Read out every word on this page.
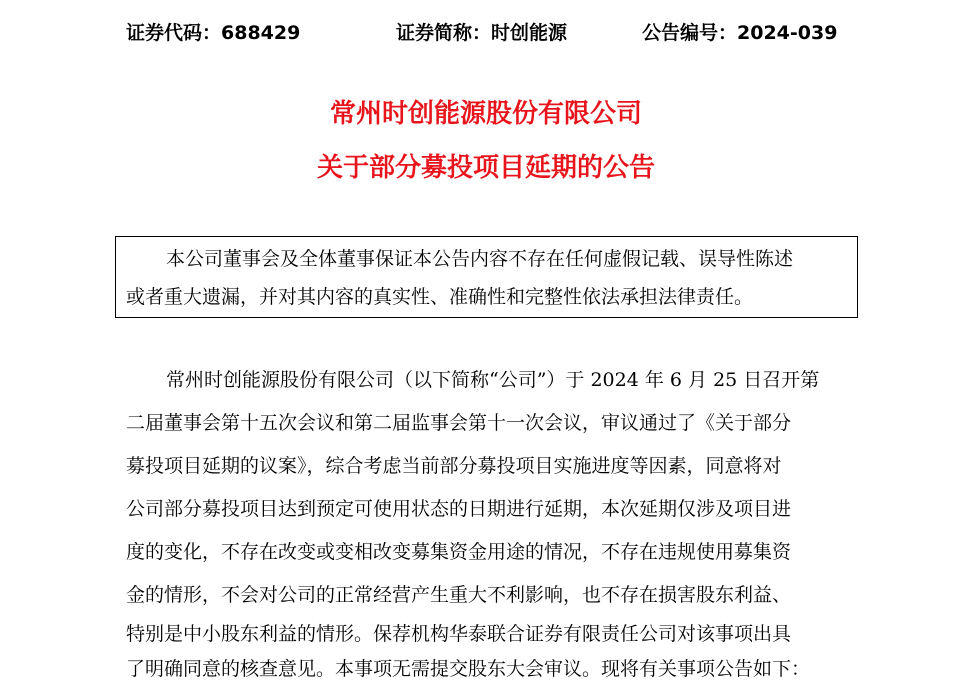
证券代码：688429	证券简称：时创能源	公告编号：2024-039
常州时创能源股份有限公司
关于部分募投项目延期的公告
本公司董事会及全体董事保证本公告内容不存在任何虚假记载、误导性陈述
或者重大遗漏，并对其内容的真实性、准确性和完整性依法承担法律责任。
常州时创能源股份有限公司（以下简称“公司”）于 2024 年 6 月 25 日召开第
二届董事会第十五次会议和第二届监事会第十一次会议，审议通过了《关于部分
募投项目延期的议案》，综合考虑当前部分募投项目实施进度等因素，同意将对
公司部分募投项目达到预定可使用状态的日期进行延期，本次延期仅涉及项目进
度的变化，不存在改变或变相改变募集资金用途的情况，不存在违规使用募集资
金的情形，不会对公司的正常经营产生重大不利影响，也不存在损害股东利益、
特别是中小股东利益的情形。保荐机构华泰联合证券有限责任公司对该事项出具
了明确同意的核查意见。本事项无需提交股东大会审议。现将有关事项公告如下：
